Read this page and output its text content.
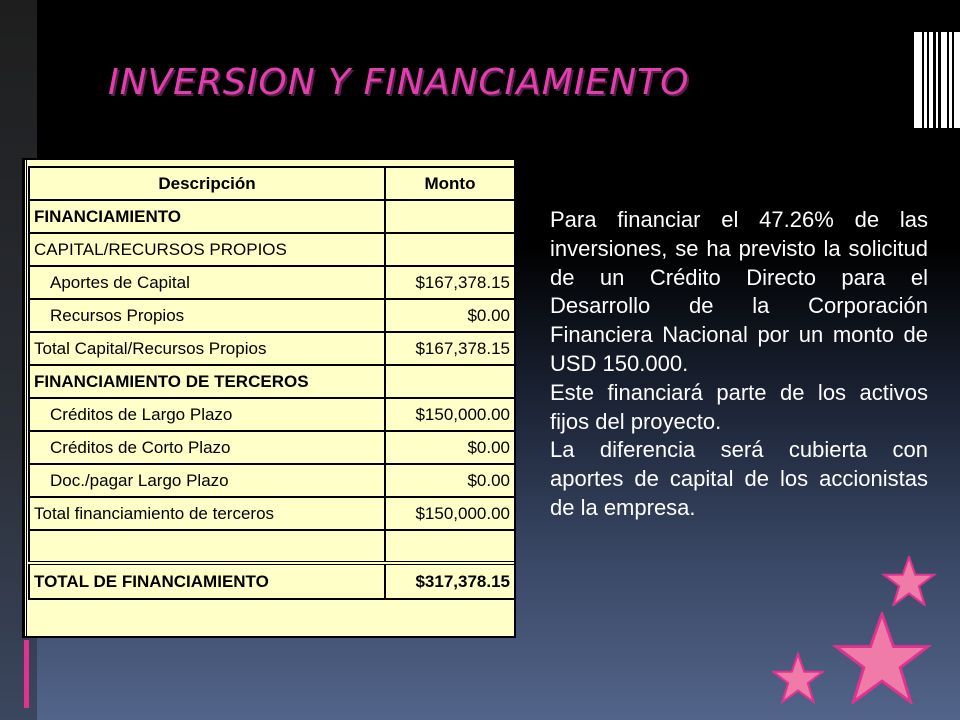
INVERSION Y FINANCIAMIENTO
Descripción	Monto
FINANCIAMIENTO	
CAPITAL/RECURSOS PROPIOS	
Aportes de Capital	$167,378.15
Recursos Propios	$0.00
Total Capital/Recursos Propios	$167,378.15
FINANCIAMIENTO DE TERCEROS	
Créditos de Largo Plazo	$150,000.00
Créditos de Corto Plazo	$0.00
Doc./pagar Largo Plazo	$0.00
Total financiamiento de terceros	$150,000.00

TOTAL DE FINANCIAMIENTO	$317,378.15

Para financiar el 47.26% de las inversiones, se ha previsto la solicitud de un Crédito Directo para el Desarrollo de la Corporación Financiera Nacional por un monto de USD 150.000.

Este financiará parte de los activos fijos del proyecto.

La diferencia será cubierta con aportes de capital de los accionistas de la empresa.
